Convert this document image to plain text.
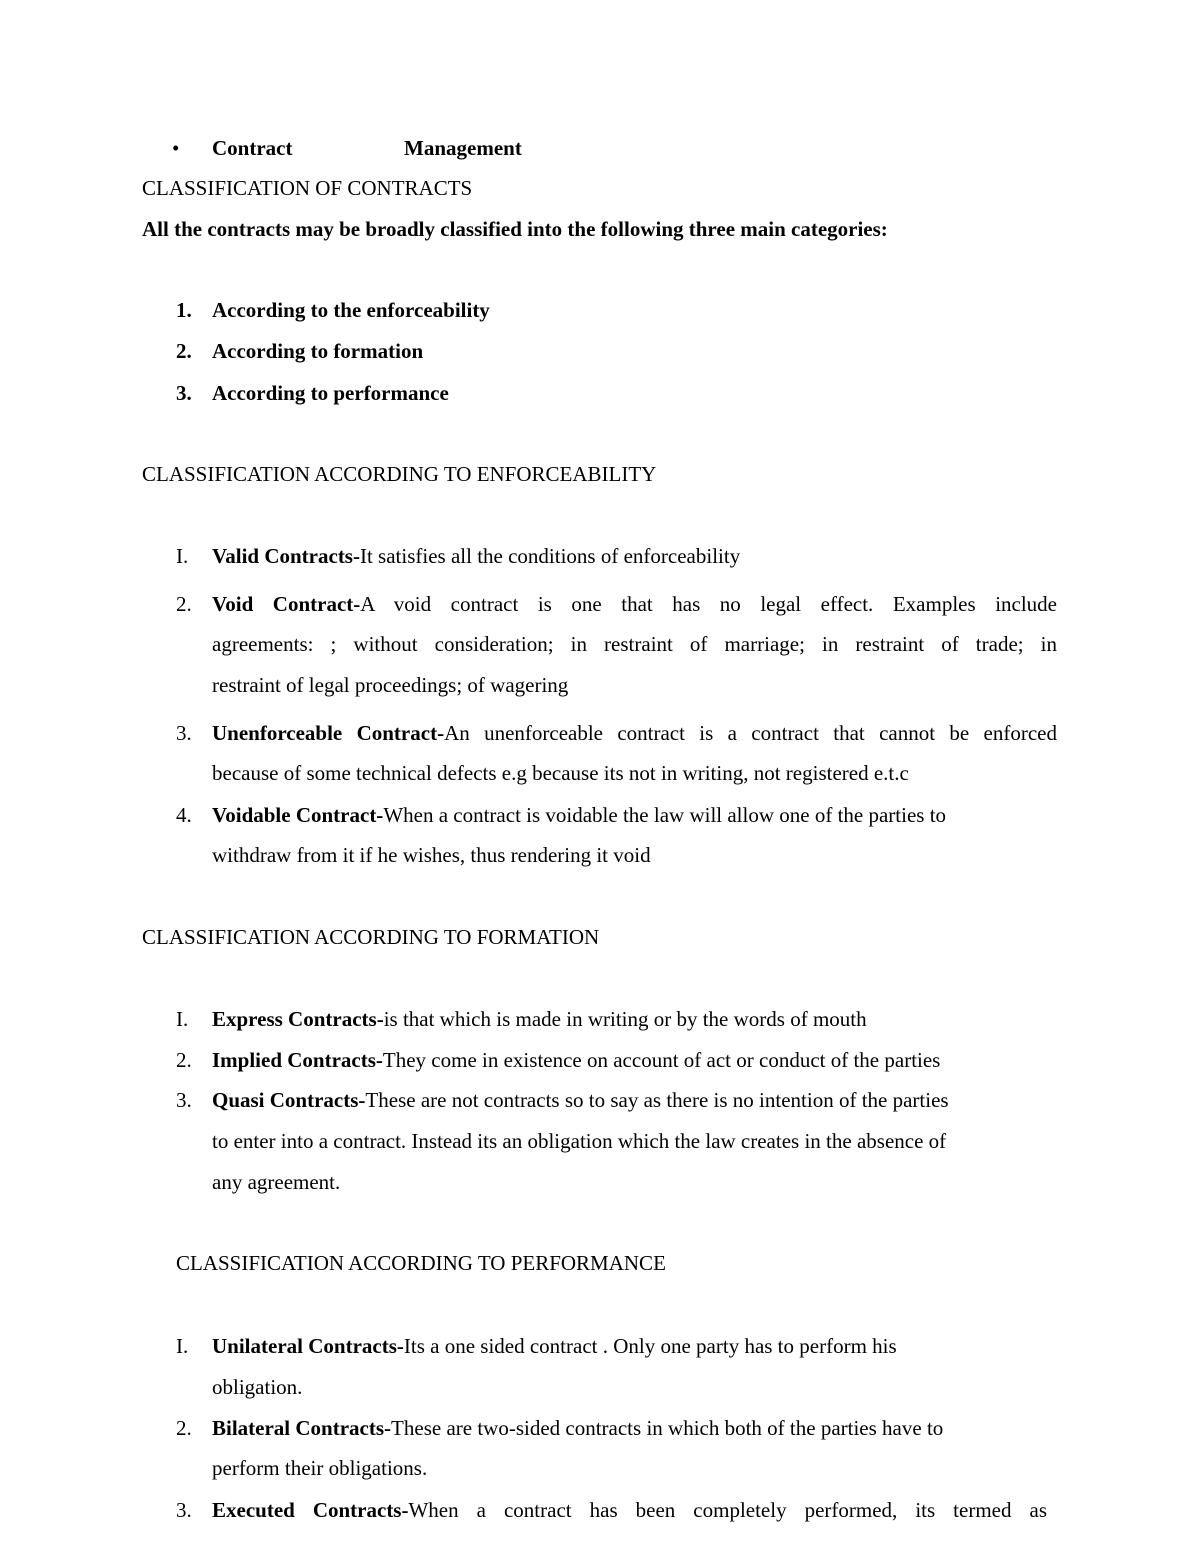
• Contract	Management
CLASSIFICATION OF CONTRACTS
All the contracts may be broadly classified into the following three main categories:
1. According to the enforceability
2. According to formation
3. According to performance
CLASSIFICATION ACCORDING TO ENFORCEABILITY
I. Valid Contracts-It satisfies all the conditions of enforceability
2. Void Contract-A void contract is one that has no legal effect. Examples include
agreements: ; without consideration; in restraint of marriage; in restraint of trade; in
restraint of legal proceedings; of wagering
3. Unenforceable Contract-An unenforceable contract is a contract that cannot be enforced
because of some technical defects e.g because its not in writing, not registered e.t.c
4. Voidable Contract-When a contract is voidable the law will allow one of the parties to
withdraw from it if he wishes, thus rendering it void
CLASSIFICATION ACCORDING TO FORMATION
I. Express Contracts-is that which is made in writing or by the words of mouth
2. Implied Contracts-They come in existence on account of act or conduct of the parties
3. Quasi Contracts-These are not contracts so to say as there is no intention of the parties
to enter into a contract. Instead its an obligation which the law creates in the absence of
any agreement.
CLASSIFICATION ACCORDING TO PERFORMANCE
I. Unilateral Contracts-Its a one sided contract . Only one party has to perform his
obligation.
2. Bilateral Contracts-These are two-sided contracts in which both of the parties have to
perform their obligations.
3. Executed Contracts-When a contract has been completely performed, its termed as
